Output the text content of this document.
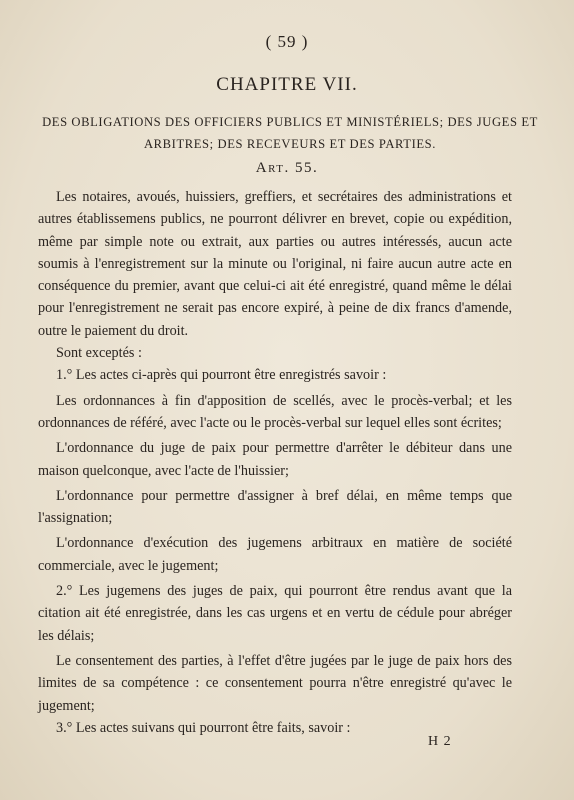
( 59 )
CHAPITRE VII.
DES OBLIGATIONS DES OFFICIERS PUBLICS ET MINISTÉRIELS; DES JUGES ET ARBITRES; DES RECEVEURS ET DES PARTIES.
Art. 55.

Les notaires, avoués, huissiers, greffiers, et secrétaires des administrations et autres établissemens publics, ne pourront délivrer en brevet, copie ou expédition, même par simple note ou extrait, aux parties ou autres intéressés, aucun acte soumis à l'enregistrement sur la minute ou l'original, ni faire aucun autre acte en conséquence du premier, avant que celui-ci ait été enregistré, quand même le délai pour l'enregistrement ne serait pas encore expiré, à peine de dix francs d'amende, outre le paiement du droit.

Sont exceptés :

1.° Les actes ci-après qui pourront être enregistrés savoir :

Les ordonnances à fin d'apposition de scellés, avec le procès-verbal; et les ordonnances de référé, avec l'acte ou le procès-verbal sur lequel elles sont écrites;

L'ordonnance du juge de paix pour permettre d'arrêter le débiteur dans une maison quelconque, avec l'acte de l'huissier;

L'ordonnance pour permettre d'assigner à bref délai, en même temps que l'assignation;

L'ordonnance d'exécution des jugemens arbitraux en matière de société commerciale, avec le jugement;

2.° Les jugemens des juges de paix, qui pourront être rendus avant que la citation ait été enregistrée, dans les cas urgens et en vertu de cédule pour abréger les délais;

Le consentement des parties, à l'effet d'être jugées par le juge de paix hors des limites de sa compétence : ce consentement pourra n'être enregistré qu'avec le jugement;

3.° Les actes suivans qui pourront être faits, savoir :

H 2
